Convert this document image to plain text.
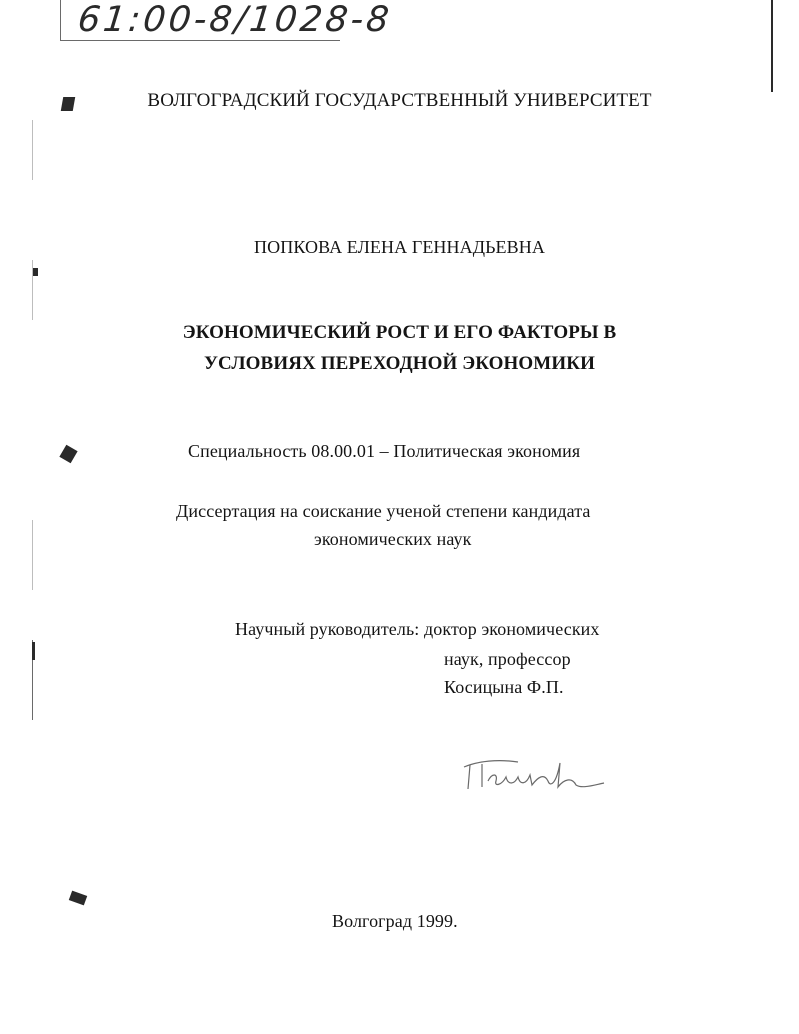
61:00-8/1028-8
ВОЛГОГРАДСКИЙ ГОСУДАРСТВЕННЫЙ УНИВЕРСИТЕТ
ПОПКОВА ЕЛЕНА ГЕННАДЬЕВНА
ЭКОНОМИЧЕСКИЙ РОСТ И ЕГО ФАКТОРЫ В
УСЛОВИЯХ ПЕРЕХОДНОЙ ЭКОНОМИКИ
Специальность 08.00.01 – Политическая экономия
Диссертация на соискание ученой степени кандидата
экономических наук
Научный руководитель: доктор экономических
наук, профессор
Косицына Ф.П.
Волгоград 1999.
